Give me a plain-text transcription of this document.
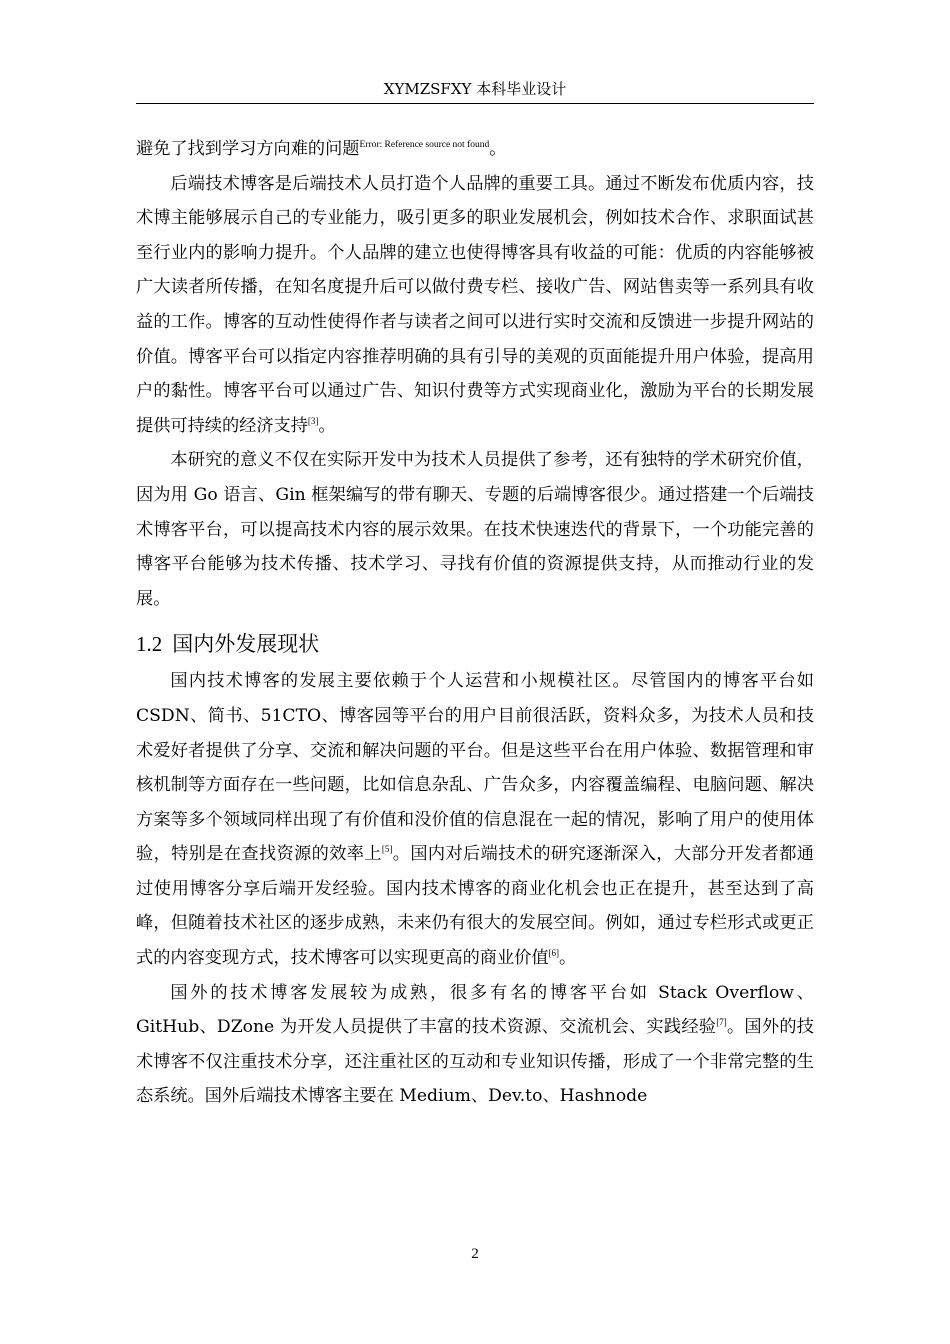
XYMZSFXY 本科毕业设计

避免了找到学习方向难的问题$^{Error: Reference source not found}$。

后端技术博客是后端技术人员打造个人品牌的重要工具。通过不断发布优质内容，技术博主能够展示自己的专业能力，吸引更多的职业发展机会，例如技术合作、求职面试甚至行业内的影响力提升。个人品牌的建立也使得博客具有收益的可能：优质的内容能够被广大读者所传播，在知名度提升后可以做付费专栏、接收广告、网站售卖等一系列具有收益的工作。博客的互动性使得作者与读者之间可以进行实时交流和反馈进一步提升网站的价值。博客平台可以指定内容推荐明确的具有引导的美观的页面能提升用户体验，提高用户的黏性。博客平台可以通过广告、知识付费等方式实现商业化，激励为平台的长期发展提供可持续的经济支持[3]。

本研究的意义不仅在实际开发中为技术人员提供了参考，还有独特的学术研究价值，因为用 Go 语言、Gin 框架编写的带有聊天、专题的后端博客很少。通过搭建一个后端技术博客平台，可以提高技术内容的展示效果。在技术快速迭代的背景下，一个功能完善的博客平台能够为技术传播、技术学习、寻找有价值的资源提供支持，从而推动行业的发展。

1.2 国内外发展现状

国内技术博客的发展主要依赖于个人运营和小规模社区。尽管国内的博客平台如 CSDN、简书、51CTO、博客园等平台的用户目前很活跃，资料众多，为技术人员和技术爱好者提供了分享、交流和解决问题的平台。但是这些平台在用户体验、数据管理和审核机制等方面存在一些问题，比如信息杂乱、广告众多，内容覆盖编程、电脑问题、解决方案等多个领域同样出现了有价值和没价值的信息混在一起的情况，影响了用户的使用体验，特别是在查找资源的效率上[5]。国内对后端技术的研究逐渐深入，大部分开发者都通过使用博客分享后端开发经验。国内技术博客的商业化机会也正在提升，甚至达到了高峰，但随着技术社区的逐步成熟，未来仍有很大的发展空间。例如，通过专栏形式或更正式的内容变现方式，技术博客可以实现更高的商业价值[6]。

国外的技术博客发展较为成熟，很多有名的博客平台如 Stack Overflow、GitHub、DZone 为开发人员提供了丰富的技术资源、交流机会、实践经验[7]。国外的技术博客不仅注重技术分享，还注重社区的互动和专业知识传播，形成了一个非常完整的生态系统。国外后端技术博客主要在 Medium、Dev.to、Hashnode

2
